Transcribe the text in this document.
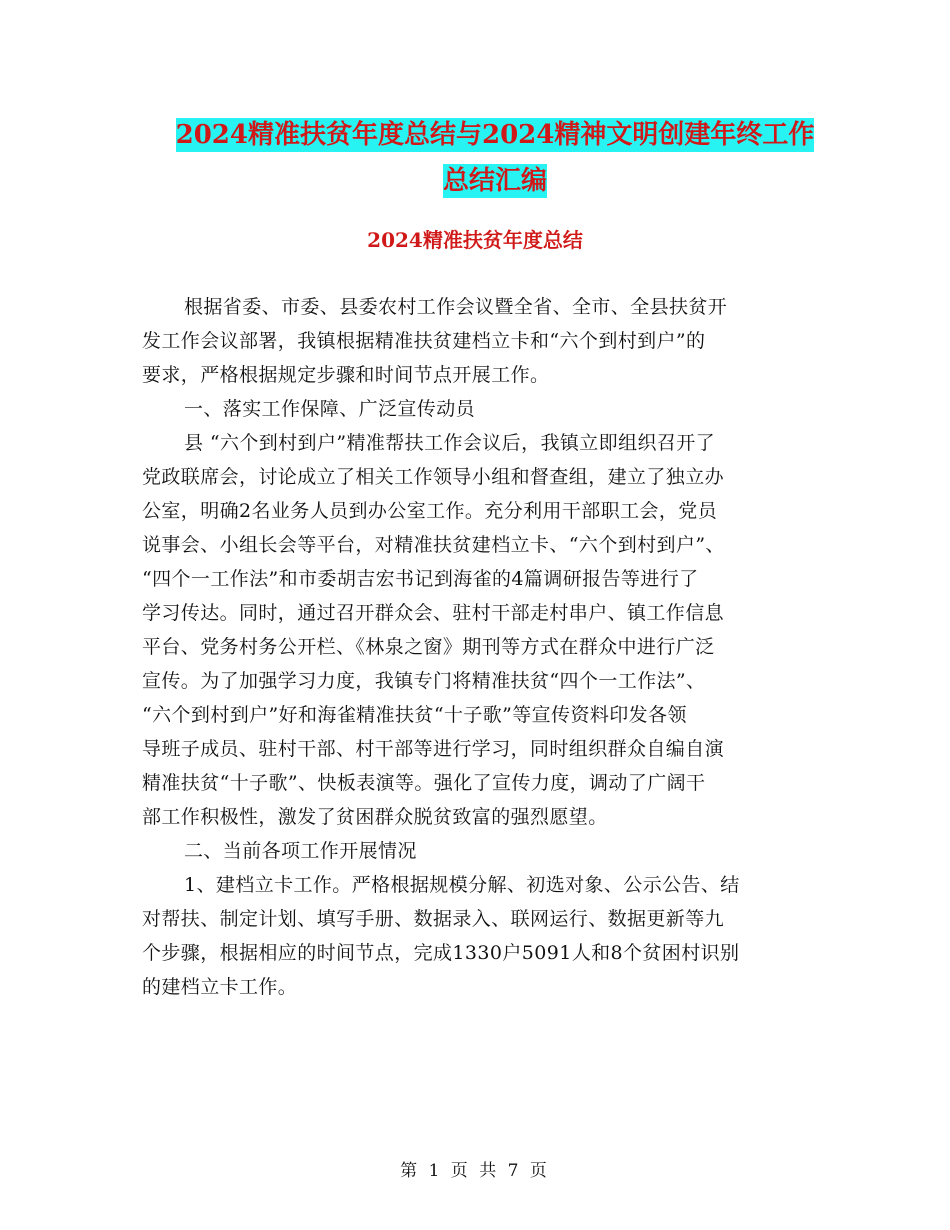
2024精准扶贫年度总结与2024精神文明创建年终工作
总结汇编
2024精准扶贫年度总结
根据省委、市委、县委农村工作会议暨全省、全市、全县扶贫开
发工作会议部署，我镇根据精准扶贫建档立卡和“六个到村到户”的
要求，严格根据规定步骤和时间节点开展工作。
一、落实工作保障、广泛宣传动员
县 “六个到村到户”精准帮扶工作会议后，我镇立即组织召开了
党政联席会，讨论成立了相关工作领导小组和督查组，建立了独立办
公室，明确2名业务人员到办公室工作。充分利用干部职工会，党员
说事会、小组长会等平台，对精准扶贫建档立卡、“六个到村到户”、
“四个一工作法”和市委胡吉宏书记到海雀的4篇调研报告等进行了
学习传达。同时，通过召开群众会、驻村干部走村串户、镇工作信息
平台、党务村务公开栏、《林泉之窗》期刊等方式在群众中进行广泛
宣传。为了加强学习力度，我镇专门将精准扶贫“四个一工作法”、
“六个到村到户”好和海雀精准扶贫“十子歌”等宣传资料印发各领
导班子成员、驻村干部、村干部等进行学习，同时组织群众自编自演
精准扶贫“十子歌”、快板表演等。强化了宣传力度，调动了广阔干
部工作积极性，激发了贫困群众脱贫致富的强烈愿望。
二、当前各项工作开展情况
1、建档立卡工作。严格根据规模分解、初选对象、公示公告、结
对帮扶、制定计划、填写手册、数据录入、联网运行、数据更新等九
个步骤，根据相应的时间节点，完成1330户5091人和8个贫困村识别
的建档立卡工作。
第 1 页 共 7 页
